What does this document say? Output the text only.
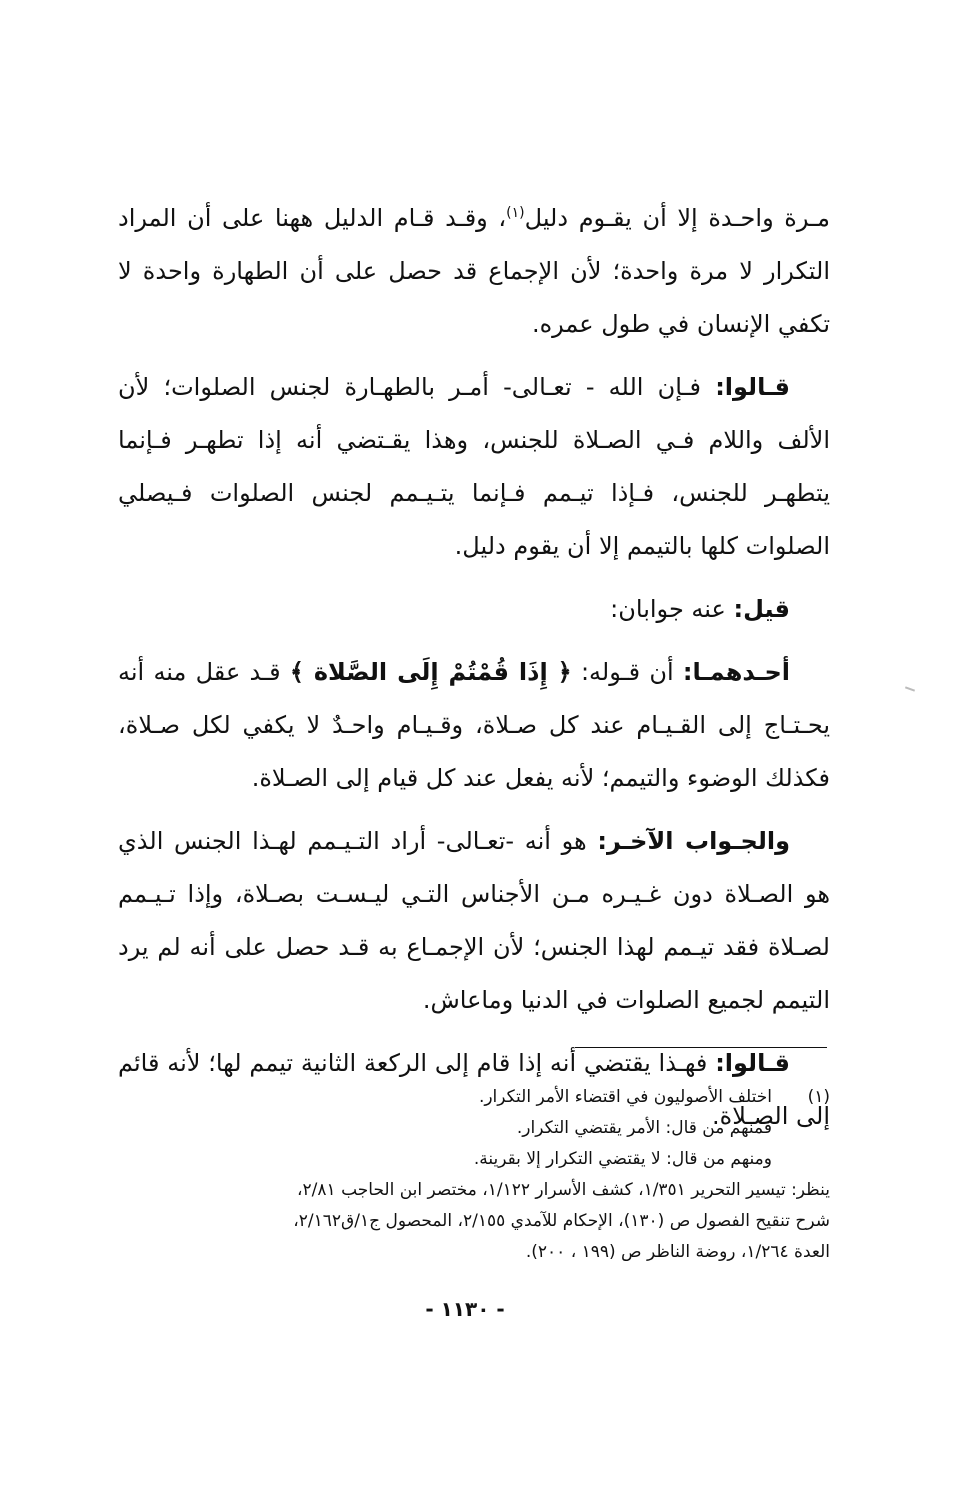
مـرة واحـدة إلا أن يقـوم دليل$^{(١)}$، وقـد قـام الدليل ههنا على أن المراد التكرار لا مرة واحدة؛ لأن الإجماع قد حصل على أن الطهارة واحدة لا تكفي الإنسان في طول عمره.

قـالوا: فـإن الله - تعـالى- أمـر بالطهـارة لجنس الصلوات؛ لأن الألف واللام فـي الصـلاة للجنس، وهذا يقـتضي أنه إذا تطهـر فـإنما يتطهـر للجنس، فـإذا تيـمم فـإنما يتـيـمم لجنس الصلوات فـيصلي الصلوات كلها بالتيمم إلا أن يقوم دليل.

قيل: عنه جوابان:

أحـدهمـا: أن قـوله: ﴿ إِذَا قُمْتُمْ إِلَى الصَّلاة ﴾ قـد عقل منه أنه يحـتـاج إلى القـيـام عند كل صـلاة، وقـيـام واحـدٌ لا يكفي لكل صـلاة، فكذلك الوضوء والتيمم؛ لأنه يفعل عند كل قيام إلى الصـلاة.

والجـواب الآخـر: هو أنه -تعـالى- أراد التـيـمم لهـذا الجنس الذي هو الصـلاة دون غـيـره مـن الأجناس التـي ليـسـت بصـلاة، وإذا تـيـمم لصـلاة فقد تيـمم لهذا الجنس؛ لأن الإجمـاع به قـد حصل على أنه لم يرد التيمم لجميع الصلوات في الدنيا وماعاش.

قـالوا: فهـذا يقتضي أنه إذا قام إلى الركعة الثانية تيمم لها؛ لأنه قائم إلى الصـلاة.

(١)
اختلف الأصوليون في اقتضاء الأمر التكرار.
فمنهم من قال: الأمر يقتضي التكرار.
ومنهم من قال: لا يقتضي التكرار إلا بقرينة.
ينظر: تيسير التحرير ١/٣٥١، كشف الأسرار ١/١٢٢، مختصر ابن الحاجب ٢/٨١،
شرح تنقيح الفصول ص (١٣٠)، الإحكام للآمدي ٢/١٥٥، المحصول ج١/ق٢/١٦٢،
العدة ١/٢٦٤، روضة الناظر ص (١٩٩ ، ٢٠٠).
- ١١٣٠ -
